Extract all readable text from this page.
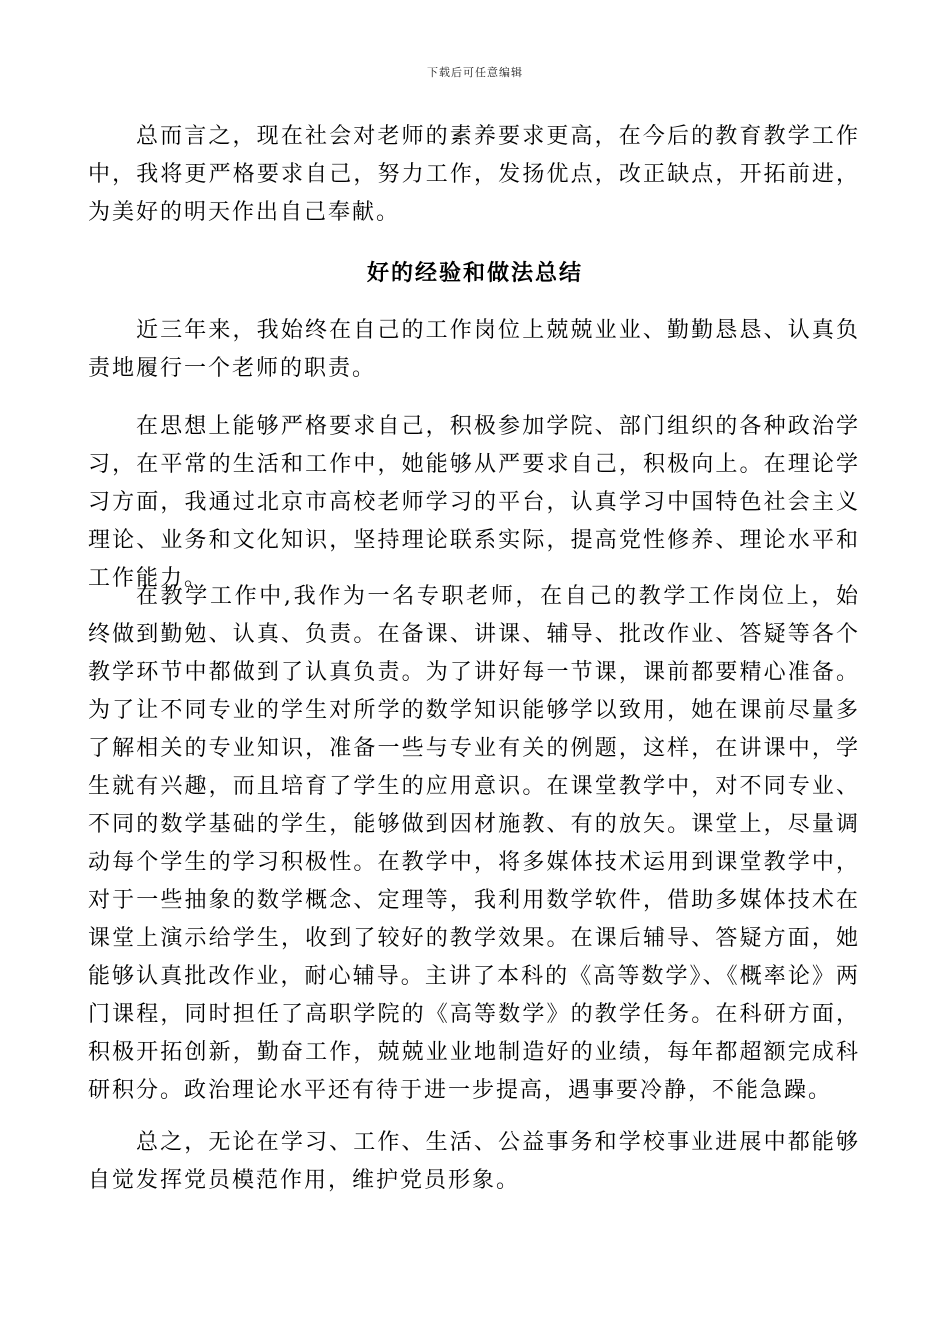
下载后可任意编辑

总而言之，现在社会对老师的素养要求更高，在今后的教育教学工作中，我将更严格要求自己，努力工作，发扬优点，改正缺点，开拓前进，为美好的明天作出自己奉献。

好的经验和做法总结

近三年来，我始终在自己的工作岗位上兢兢业业、勤勤恳恳、认真负责地履行一个老师的职责。

在思想上能够严格要求自己，积极参加学院、部门组织的各种政治学习，在平常的生活和工作中，她能够从严要求自己，积极向上。在理论学习方面，我通过北京市高校老师学习的平台，认真学习中国特色社会主义理论、业务和文化知识，坚持理论联系实际，提高党性修养、理论水平和工作能力。

在教学工作中,我作为一名专职老师，在自己的教学工作岗位上，始终做到勤勉、认真、负责。在备课、讲课、辅导、批改作业、答疑等各个教学环节中都做到了认真负责。为了讲好每一节课，课前都要精心准备。为了让不同专业的学生对所学的数学知识能够学以致用，她在课前尽量多了解相关的专业知识，准备一些与专业有关的例题，这样，在讲课中，学生就有兴趣，而且培育了学生的应用意识。在课堂教学中，对不同专业、不同的数学基础的学生，能够做到因材施教、有的放矢。课堂上，尽量调动每个学生的学习积极性。在教学中，将多媒体技术运用到课堂教学中，对于一些抽象的数学概念、定理等，我利用数学软件，借助多媒体技术在课堂上演示给学生，收到了较好的教学效果。在课后辅导、答疑方面，她能够认真批改作业，耐心辅导。主讲了本科的《高等数学》、《概率论》两门课程，同时担任了高职学院的《高等数学》的教学任务。在科研方面，积极开拓创新，勤奋工作，兢兢业业地制造好的业绩，每年都超额完成科研积分。政治理论水平还有待于进一步提高，遇事要冷静，不能急躁。

总之，无论在学习、工作、生活、公益事务和学校事业进展中都能够自觉发挥党员模范作用，维护党员形象。
